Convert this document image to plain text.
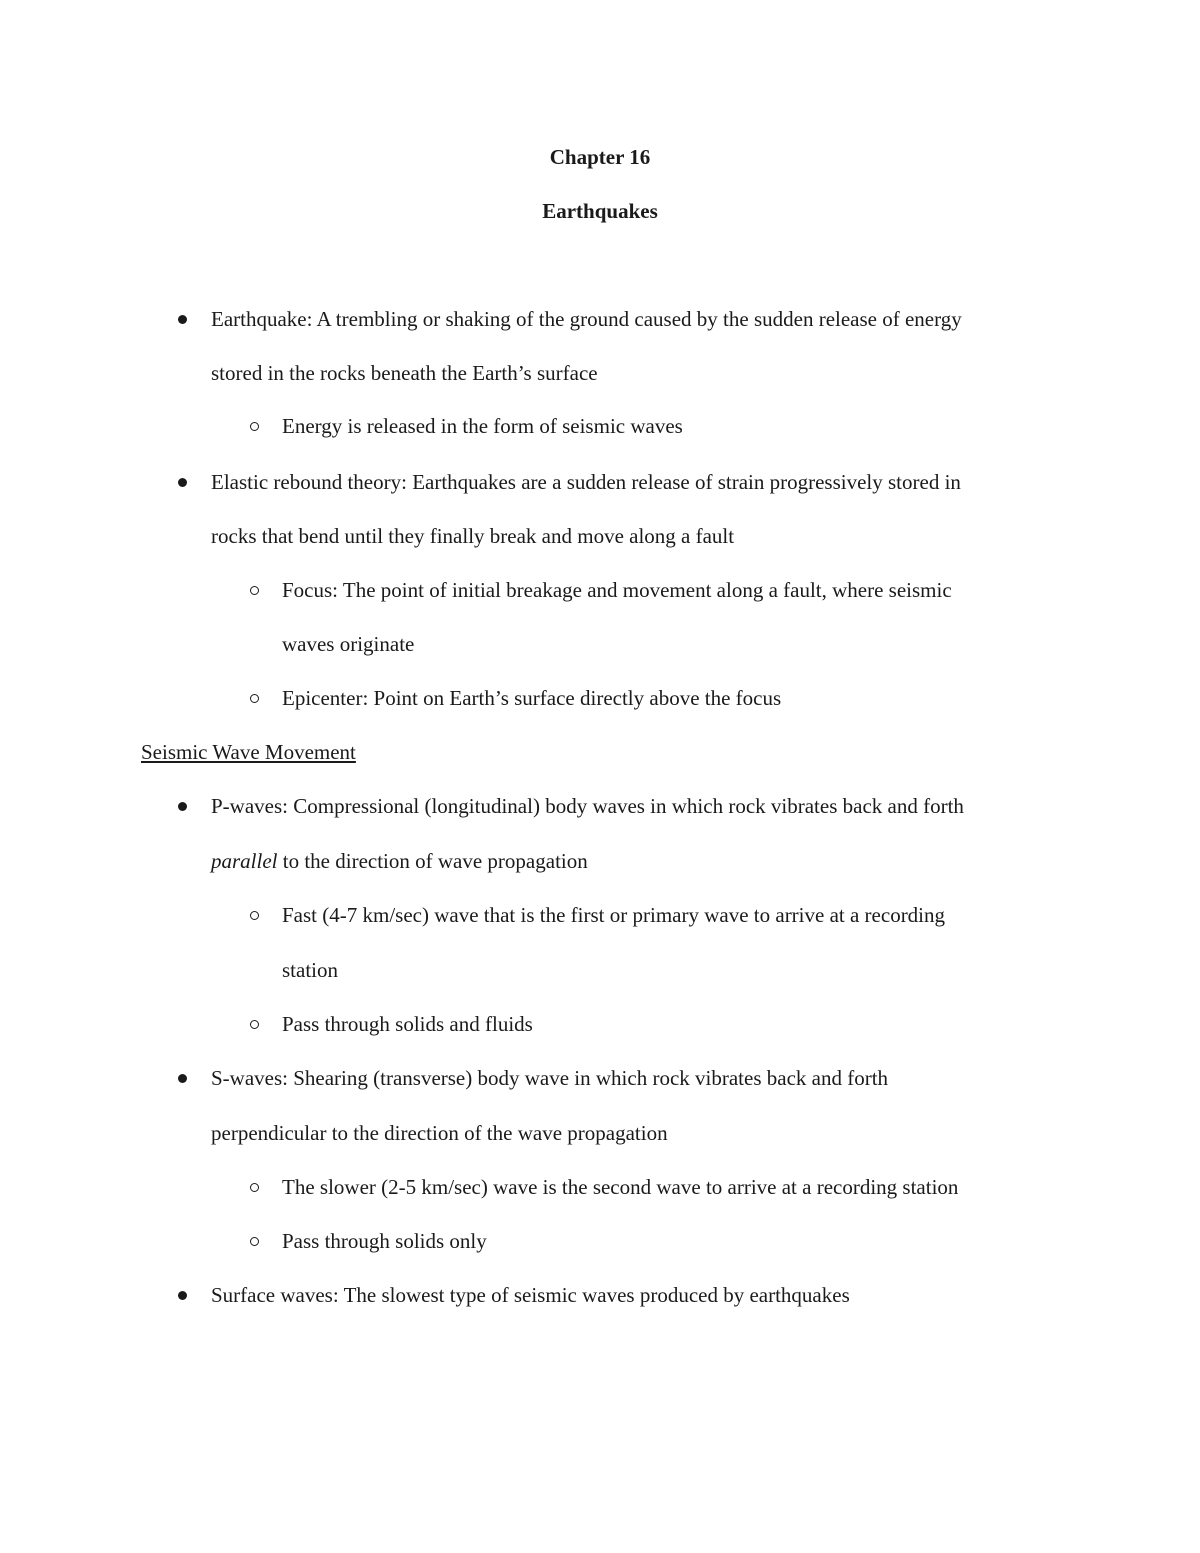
Chapter 16
Earthquakes
Earthquake: A trembling or shaking of the ground caused by the sudden release of energy
stored in the rocks beneath the Earth’s surface
Energy is released in the form of seismic waves
Elastic rebound theory: Earthquakes are a sudden release of strain progressively stored in
rocks that bend until they finally break and move along a fault
Focus: The point of initial breakage and movement along a fault, where seismic
waves originate
Epicenter: Point on Earth’s surface directly above the focus
Seismic Wave Movement
P-waves: Compressional (longitudinal) body waves in which rock vibrates back and forth
parallel to the direction of wave propagation
Fast (4-7 km/sec) wave that is the first or primary wave to arrive at a recording
station
Pass through solids and fluids
S-waves: Shearing (transverse) body wave in which rock vibrates back and forth
perpendicular to the direction of the wave propagation
The slower (2-5 km/sec) wave is the second wave to arrive at a recording station
Pass through solids only
Surface waves: The slowest type of seismic waves produced by earthquakes
